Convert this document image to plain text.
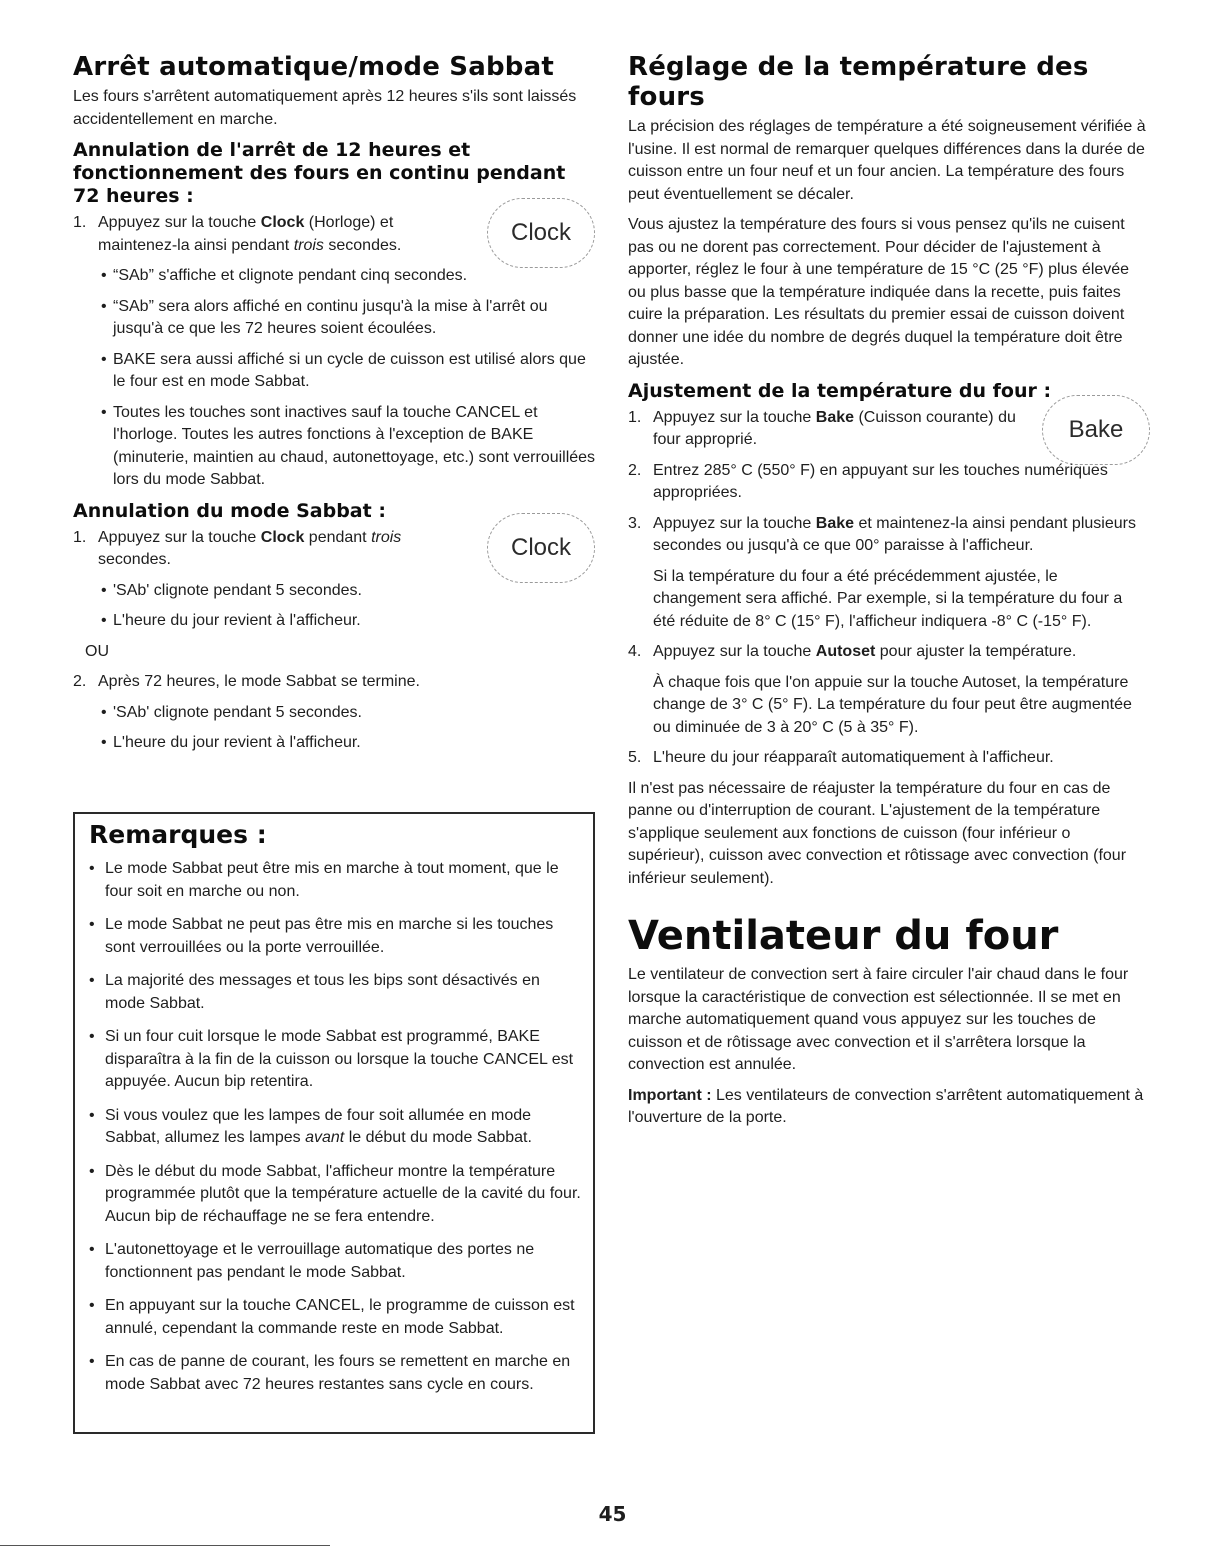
Arrêt automatique/mode Sabbat

Les fours s'arrêtent automatiquement après 12 heures s'ils sont laissés accidentellement en marche.

Annulation de l'arrêt de 12 heures et fonctionnement des fours en continu pendant 72 heures :
1. Appuyez sur la touche Clock (Horloge) et maintenez-la ainsi pendant trois secondes.	Clock
• “SAb” s'affiche et clignote pendant cinq secondes.
• “SAb” sera alors affiché en continu jusqu'à la mise à l'arrêt ou jusqu'à ce que les 72 heures soient écoulées.
• BAKE sera aussi affiché si un cycle de cuisson est utilisé alors que le four est en mode Sabbat.
• Toutes les touches sont inactives sauf la touche CANCEL et l'horloge. Toutes les autres fonctions à l'exception de BAKE (minuterie, maintien au chaud, autonettoyage, etc.) sont verrouillées lors du mode Sabbat.
Annulation du mode Sabbat :
1. Appuyez sur la touche Clock pendant trois secondes.	Clock
• 'SAb' clignote pendant 5 secondes.
• L'heure du jour revient à l'afficheur.
OU
2. Après 72 heures, le mode Sabbat se termine.
• 'SAb' clignote pendant 5 secondes.
• L'heure du jour revient à l'afficheur.
Remarques :
• Le mode Sabbat peut être mis en marche à tout moment, que le four soit en marche ou non.
• Le mode Sabbat ne peut pas être mis en marche si les touches sont verrouillées ou la porte verrouillée.
• La majorité des messages et tous les bips sont désactivés en mode Sabbat.
• Si un four cuit lorsque le mode Sabbat est programmé, BAKE disparaîtra à la fin de la cuisson ou lorsque la touche CANCEL est appuyée. Aucun bip retentira.
• Si vous voulez que les lampes de four soit allumée en mode Sabbat, allumez les lampes avant le début du mode Sabbat.
• Dès le début du mode Sabbat, l'afficheur montre la température programmée plutôt que la température actuelle de la cavité du four. Aucun bip de réchauffage ne se fera entendre.
• L'autonettoyage et le verrouillage automatique des portes ne fonctionnent pas pendant le mode Sabbat.
• En appuyant sur la touche CANCEL, le programme de cuisson est annulé, cependant la commande reste en mode Sabbat.
• En cas de panne de courant, les fours se remettent en marche en mode Sabbat avec 72 heures restantes sans cycle en cours.
Réglage de la température des fours

La précision des réglages de température a été soigneusement vérifiée à l'usine. Il est normal de remarquer quelques différences dans la durée de cuisson entre un four neuf et un four ancien. La température des fours peut éventuellement se décaler.

Vous ajustez la température des fours si vous pensez qu'ils ne cuisent pas ou ne dorent pas correctement. Pour décider de l'ajustement à apporter, réglez le four à une température de 15 °C (25 °F) plus élevée ou plus basse que la température indiquée dans la recette, puis faites cuire la préparation. Les résultats du premier essai de cuisson doivent donner une idée du nombre de degrés duquel la température doit être ajustée.

Ajustement de la température du four :
1. Appuyez sur la touche Bake (Cuisson courante) du four approprié.	Bake
2. Entrez 285° C (550° F) en appuyant sur les touches numériques appropriées.
3. Appuyez sur la touche Bake et maintenez-la ainsi pendant plusieurs secondes ou jusqu'à ce que 00° paraisse à l'afficheur.
Si la température du four a été précédemment ajustée, le changement sera affiché. Par exemple, si la température du four a été réduite de 8° C (15° F), l'afficheur indiquera -8° C (-15° F).
4. Appuyez sur la touche Autoset pour ajuster la température.
À chaque fois que l'on appuie sur la touche Autoset, la température change de 3° C (5° F). La température du four peut être augmentée ou diminuée de 3 à 20° C (5 à 35° F).
5. L'heure du jour réapparaît automatiquement à l'afficheur.

Il n'est pas nécessaire de réajuster la température du four en cas de panne ou d'interruption de courant. L'ajustement de la température s'applique seulement aux fonctions de cuisson (four inférieur o supérieur), cuisson avec convection et rôtissage avec convection (four inférieur seulement).

Ventilateur du four

Le ventilateur de convection sert à faire circuler l'air chaud dans le four lorsque la caractéristique de convection est sélectionnée. Il se met en marche automatiquement quand vous appuyez sur les touches de cuisson et de rôtissage avec convection et il s'arrêtera lorsque la convection est annulée.

Important : Les ventilateurs de convection s'arrêtent automatiquement à l'ouverture de la porte.

45
